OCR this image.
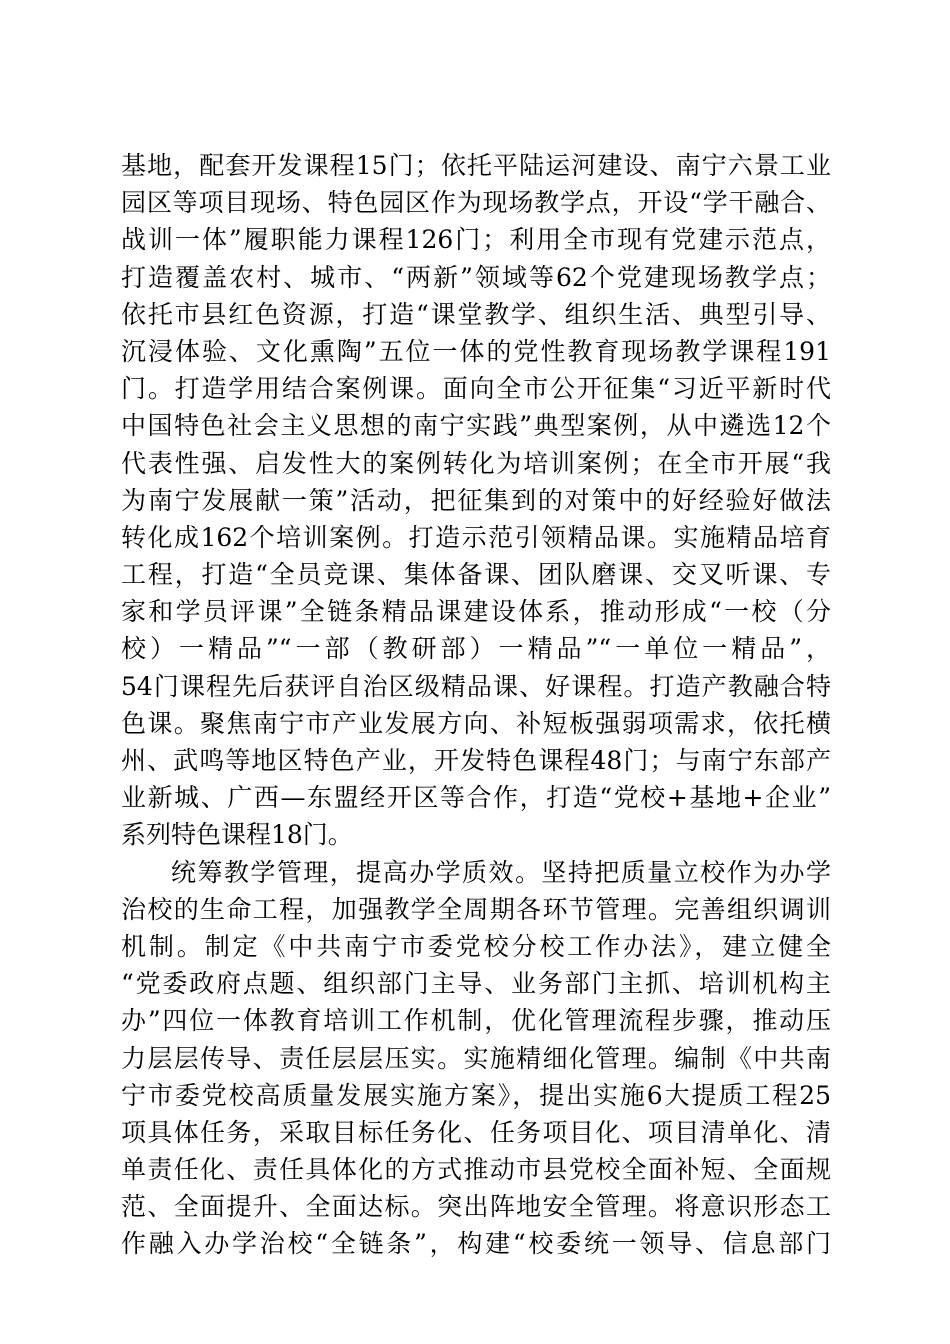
基地，配套开发课程15门；依托平陆运河建设、南宁六景工业
园区等项目现场、特色园区作为现场教学点，开设“学干融合、
战训一体”履职能力课程126门；利用全市现有党建示范点，
打造覆盖农村、城市、“两新”领域等62个党建现场教学点；
依托市县红色资源，打造“课堂教学、组织生活、典型引导、
沉浸体验、文化熏陶”五位一体的党性教育现场教学课程191
门。打造学用结合案例课。面向全市公开征集“习近平新时代
中国特色社会主义思想的南宁实践”典型案例，从中遴选12个
代表性强、启发性大的案例转化为培训案例；在全市开展“我
为南宁发展献一策”活动，把征集到的对策中的好经验好做法
转化成162个培训案例。打造示范引领精品课。实施精品培育
工程，打造“全员竞课、集体备课、团队磨课、交叉听课、专
家和学员评课”全链条精品课建设体系，推动形成“一校（分
校）一精品”“一部（教研部）一精品”“一单位一精品”，
54门课程先后获评自治区级精品课、好课程。打造产教融合特
色课。聚焦南宁市产业发展方向、补短板强弱项需求，依托横
州、武鸣等地区特色产业，开发特色课程48门；与南宁东部产
业新城、广西—东盟经开区等合作，打造“党校+基地+企业”
系列特色课程18门。
统筹教学管理，提高办学质效。坚持把质量立校作为办学
治校的生命工程，加强教学全周期各环节管理。完善组织调训
机制。制定《中共南宁市委党校分校工作办法》，建立健全
“党委政府点题、组织部门主导、业务部门主抓、培训机构主
办”四位一体教育培训工作机制，优化管理流程步骤，推动压
力层层传导、责任层层压实。实施精细化管理。编制《中共南
宁市委党校高质量发展实施方案》，提出实施6大提质工程25
项具体任务，采取目标任务化、任务项目化、项目清单化、清
单责任化、责任具体化的方式推动市县党校全面补短、全面规
范、全面提升、全面达标。突出阵地安全管理。将意识形态工
作融入办学治校“全链条”，构建“校委统一领导、信息部门
